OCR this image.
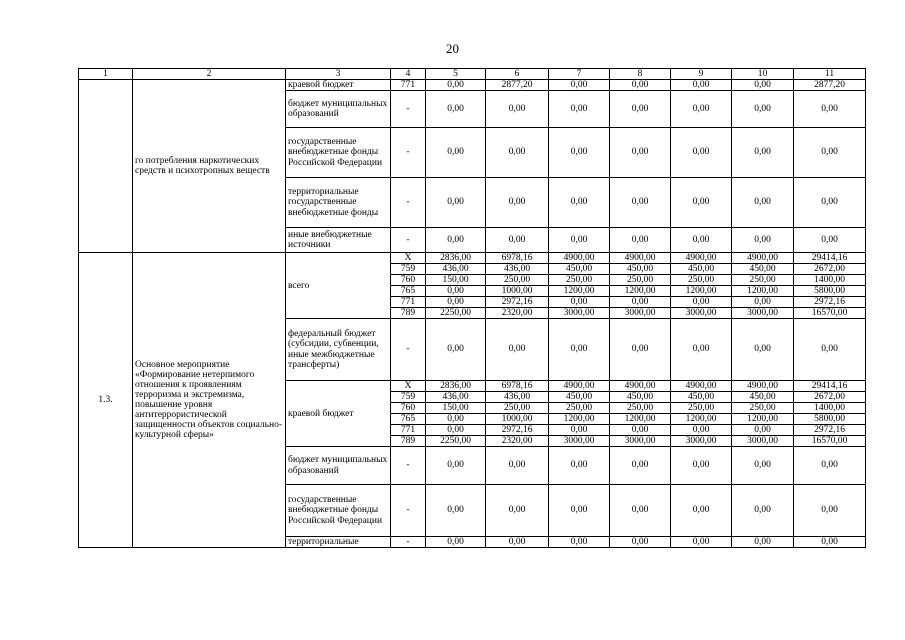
20
1	2	3	4	5	6	7	8	9	10	11
	го потребления наркотических средств и психотропных веществ	краевой бюджет	771	0,00	2877,20	0,00	0,00	0,00	0,00	2877,20
		бюджет муниципальных образований	-	0,00	0,00	0,00	0,00	0,00	0,00	0,00
		государственные внебюджетные фонды Российской Федерации	-	0,00	0,00	0,00	0,00	0,00	0,00	0,00
		территориальные государственные внебюджетные фонды	-	0,00	0,00	0,00	0,00	0,00	0,00	0,00
		иные внебюджетные источники	-	0,00	0,00	0,00	0,00	0,00	0,00	0,00
1.3.	Основное мероприятие «Формирование нетерпимого отношения к проявлениям терроризма и экстремизма, повышение уровня антитеррористической защищенности объектов социально-культурной сферы»	всего	Х	2836,00	6978,16	4900,00	4900,00	4900,00	4900,00	29414,16
			759	436,00	436,00	450,00	450,00	450,00	450,00	2672,00
			760	150,00	250,00	250,00	250,00	250,00	250,00	1400,00
			765	0,00	1000,00	1200,00	1200,00	1200,00	1200,00	5800,00
			771	0,00	2972,16	0,00	0,00	0,00	0,00	2972,16
			789	2250,00	2320,00	3000,00	3000,00	3000,00	3000,00	16570,00
		федеральный бюджет (субсидии, субвенции, иные межбюджетные трансферты)	-	0,00	0,00	0,00	0,00	0,00	0,00	0,00
		краевой бюджет	Х	2836,00	6978,16	4900,00	4900,00	4900,00	4900,00	29414,16
			759	436,00	436,00	450,00	450,00	450,00	450,00	2672,00
			760	150,00	250,00	250,00	250,00	250,00	250,00	1400,00
			765	0,00	1000,00	1200,00	1200,00	1200,00	1200,00	5800,00
			771	0,00	2972,16	0,00	0,00	0,00	0,00	2972,16
			789	2250,00	2320,00	3000,00	3000,00	3000,00	3000,00	16570,00
		бюджет муниципальных образований	-	0,00	0,00	0,00	0,00	0,00	0,00	0,00
		государственные внебюджетные фонды Российской Федерации	-	0,00	0,00	0,00	0,00	0,00	0,00	0,00
		территориальные	-	0,00	0,00	0,00	0,00	0,00	0,00	0,00
